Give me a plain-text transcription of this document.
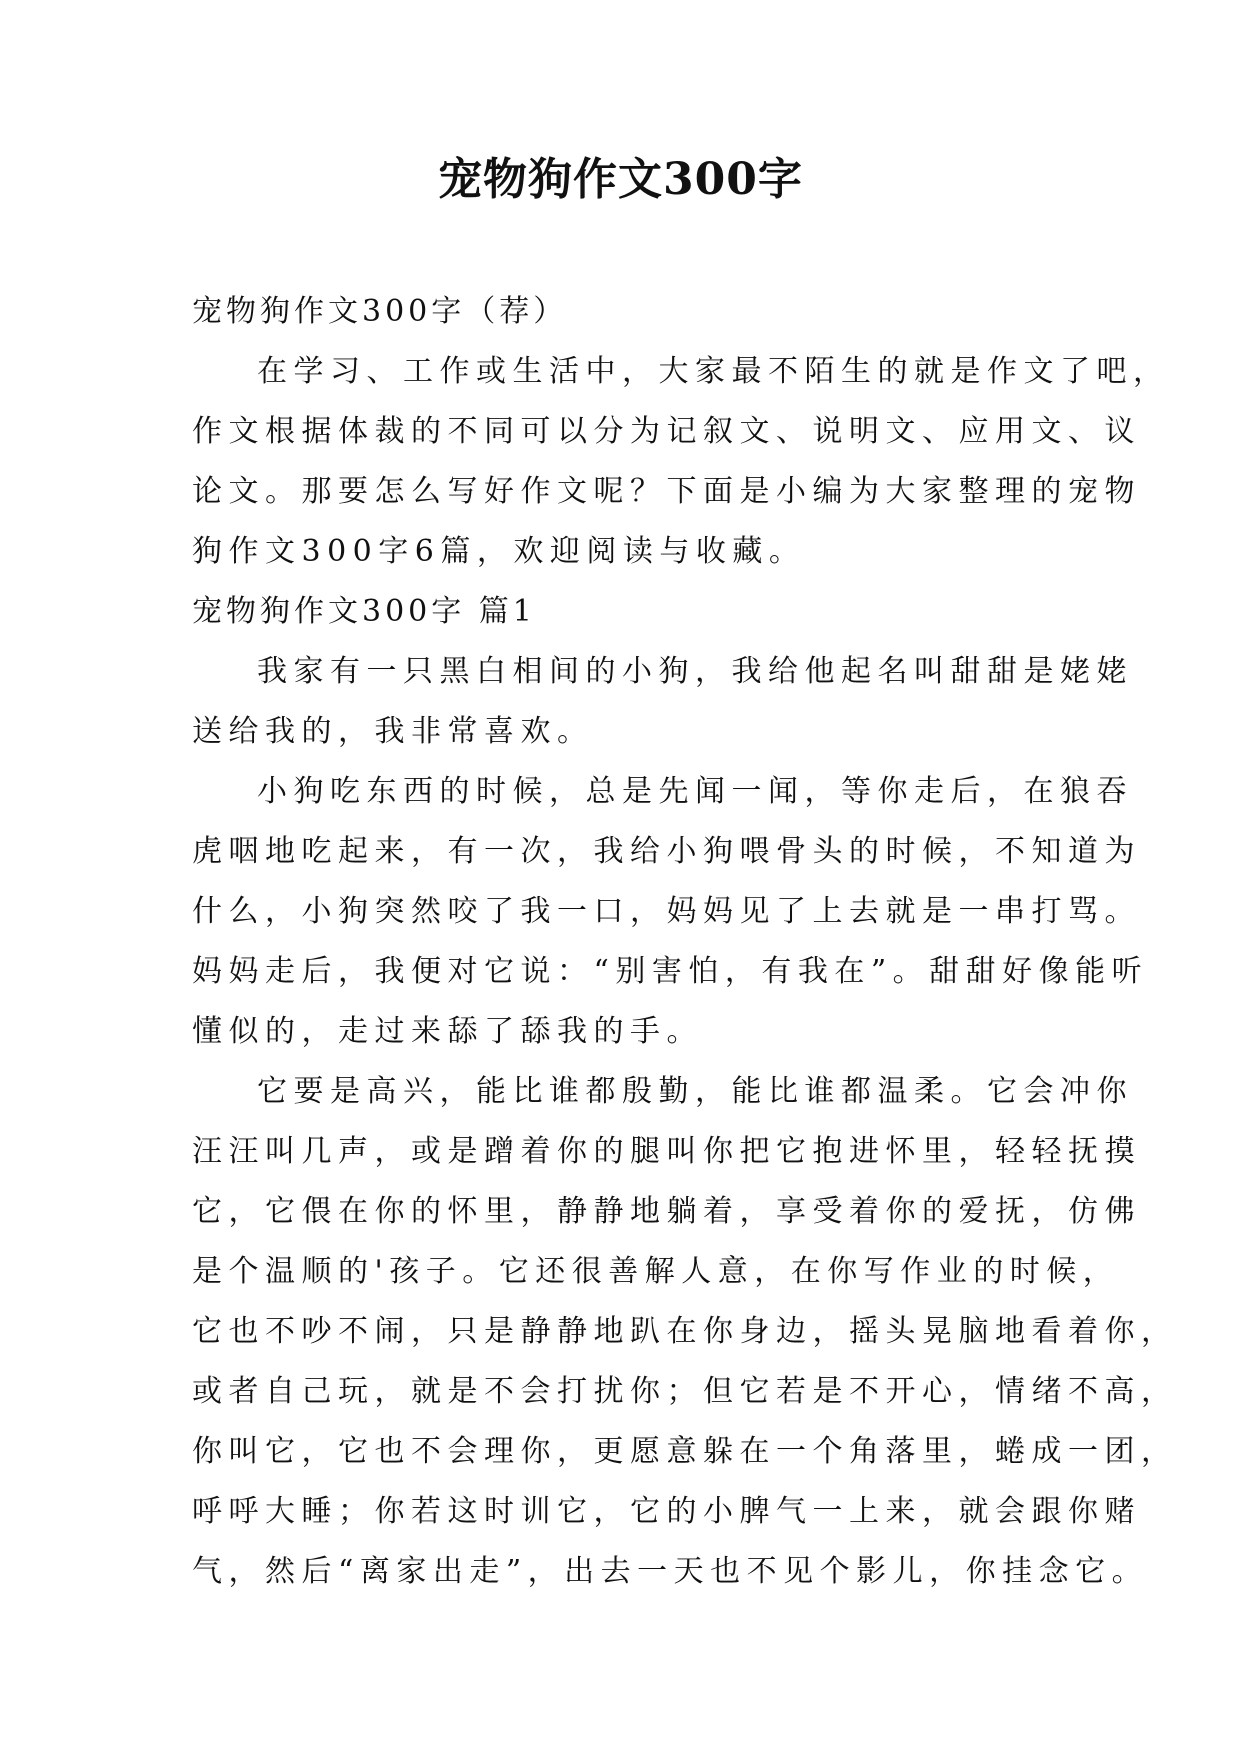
宠物狗作文300字
宠物狗作文300字（荐）
在学习、工作或生活中，大家最不陌生的就是作文了吧，
作文根据体裁的不同可以分为记叙文、说明文、应用文、议
论文。那要怎么写好作文呢？下面是小编为大家整理的宠物
狗作文300字6篇，欢迎阅读与收藏。
宠物狗作文300字 篇1
我家有一只黑白相间的小狗，我给他起名叫甜甜是姥姥
送给我的，我非常喜欢。
小狗吃东西的时候，总是先闻一闻，等你走后，在狼吞
虎咽地吃起来，有一次，我给小狗喂骨头的时候，不知道为
什么，小狗突然咬了我一口，妈妈见了上去就是一串打骂。
妈妈走后，我便对它说：“别害怕，有我在”。甜甜好像能听
懂似的，走过来舔了舔我的手。
它要是高兴，能比谁都殷勤，能比谁都温柔。它会冲你
汪汪叫几声，或是蹭着你的腿叫你把它抱进怀里，轻轻抚摸
它，它偎在你的怀里，静静地躺着，享受着你的爱抚，仿佛
是个温顺的'孩子。它还很善解人意，在你写作业的时候，
它也不吵不闹，只是静静地趴在你身边，摇头晃脑地看着你，
或者自己玩，就是不会打扰你；但它若是不开心，情绪不高，
你叫它，它也不会理你，更愿意躲在一个角落里，蜷成一团，
呼呼大睡；你若这时训它，它的小脾气一上来，就会跟你赌
气，然后“离家出走”，出去一天也不见个影儿，你挂念它。
